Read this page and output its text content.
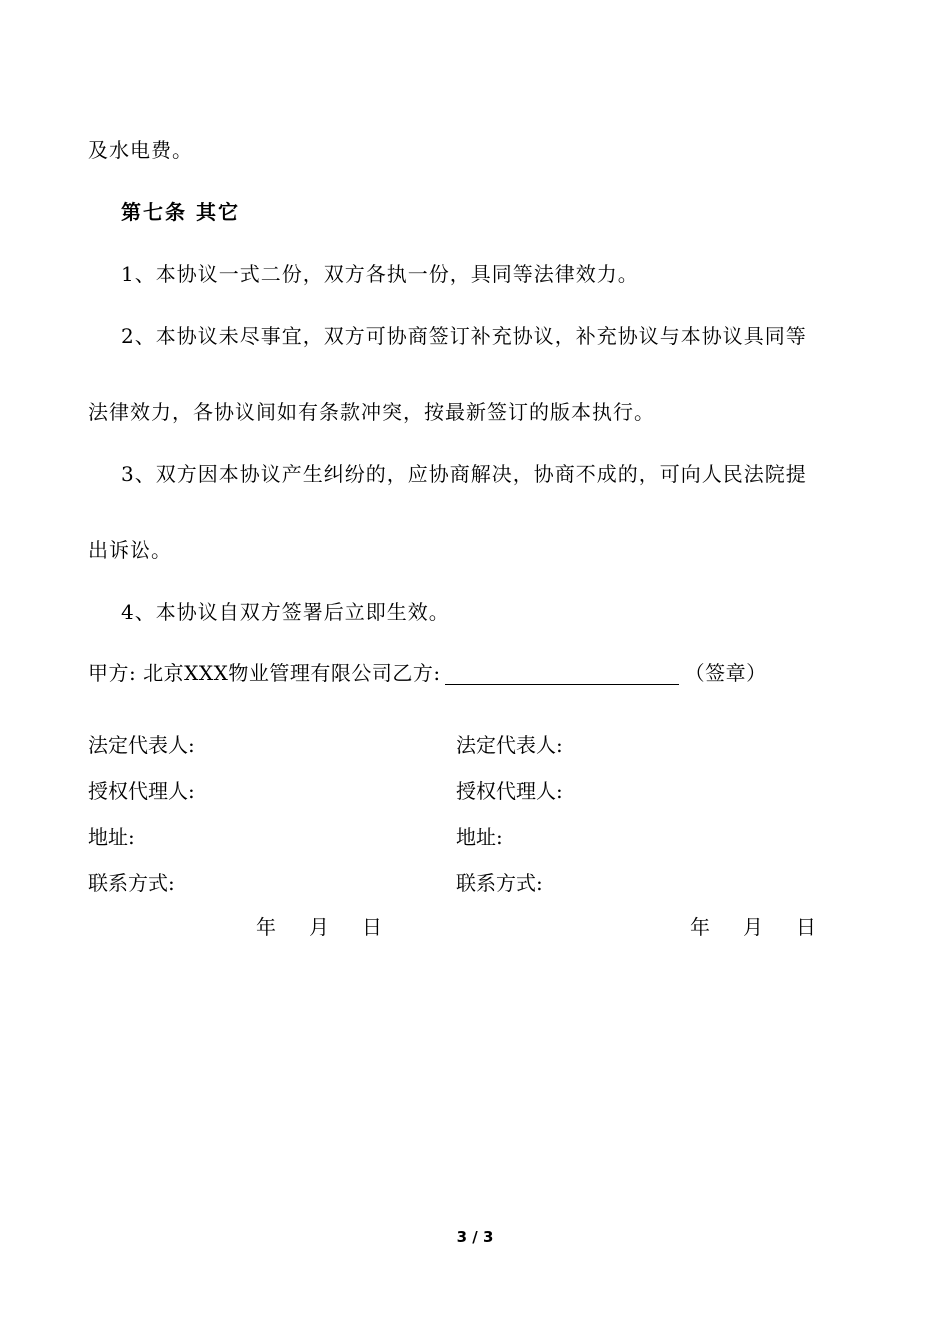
及水电费。
第七条 其它
1、本协议一式二份，双方各执一份，具同等法律效力。
2、本协议未尽事宜，双方可协商签订补充协议，补充协议与本协议具同等
法律效力，各协议间如有条款冲突，按最新签订的版本执行。
3、双方因本协议产生纠纷的，应协商解决，协商不成的，可向人民法院提
出诉讼。
4、本协议自双方签署后立即生效。
甲方: 北京XXX物业管理有限公司乙方:	（签章）
法定代表人:
授权代理人:
地址:
联系方式:
年 月 日
法定代表人:
授权代理人:
地址:
联系方式:
年 月 日
3 / 3
